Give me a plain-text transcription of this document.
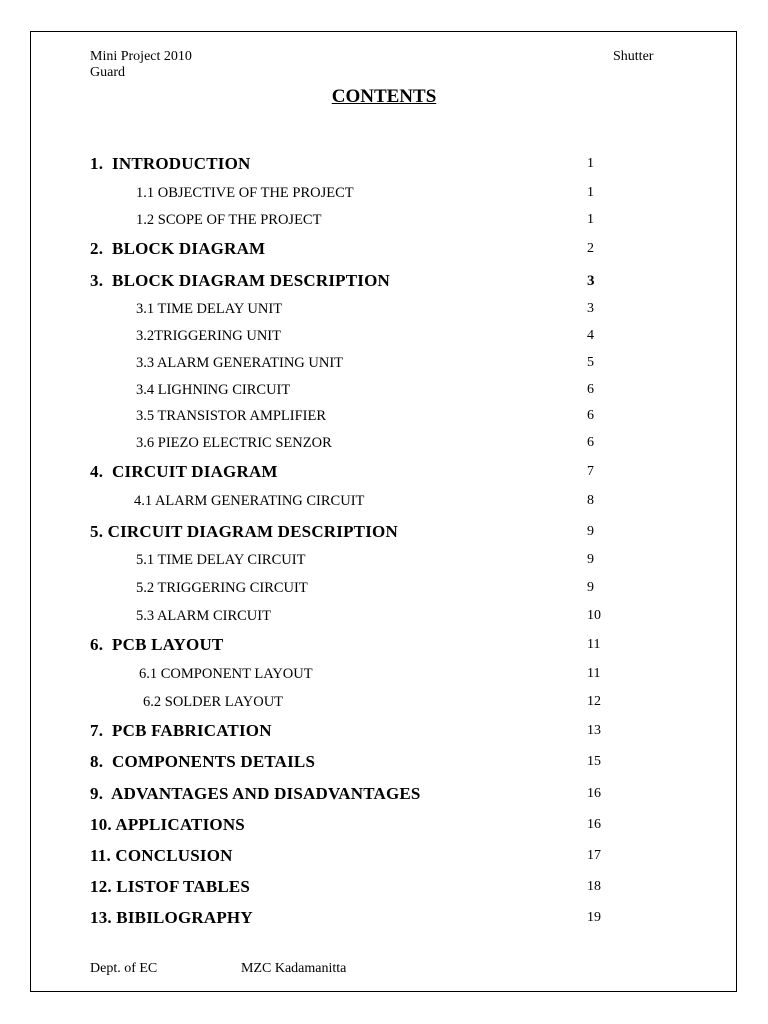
Mini Project 2010
Guard
Shutter
CONTENTS
1.  INTRODUCTION	1
1.1 OBJECTIVE OF THE PROJECT	1
1.2 SCOPE OF THE PROJECT	1
2.  BLOCK DIAGRAM	2
3.  BLOCK DIAGRAM DESCRIPTION	3
3.1 TIME DELAY UNIT	3
3.2TRIGGERING UNIT	4
3.3 ALARM GENERATING UNIT	5
3.4 LIGHNING CIRCUIT	6
3.5 TRANSISTOR AMPLIFIER	6
3.6 PIEZO ELECTRIC SENZOR	6
4.  CIRCUIT DIAGRAM	7
4.1 ALARM GENERATING CIRCUIT	8
5. CIRCUIT DIAGRAM DESCRIPTION	9
5.1 TIME DELAY CIRCUIT	9
5.2 TRIGGERING CIRCUIT	9
5.3 ALARM CIRCUIT	10
6.  PCB LAYOUT	11
6.1 COMPONENT LAYOUT	11
6.2 SOLDER LAYOUT	12
7.  PCB FABRICATION	13
8.  COMPONENTS DETAILS	15
9.  ADVANTAGES AND DISADVANTAGES	16
10. APPLICATIONS	16
11. CONCLUSION	17
12. LISTOF TABLES	18
13. BIBILOGRAPHY	19
Dept. of EC	MZC Kadamanitta
